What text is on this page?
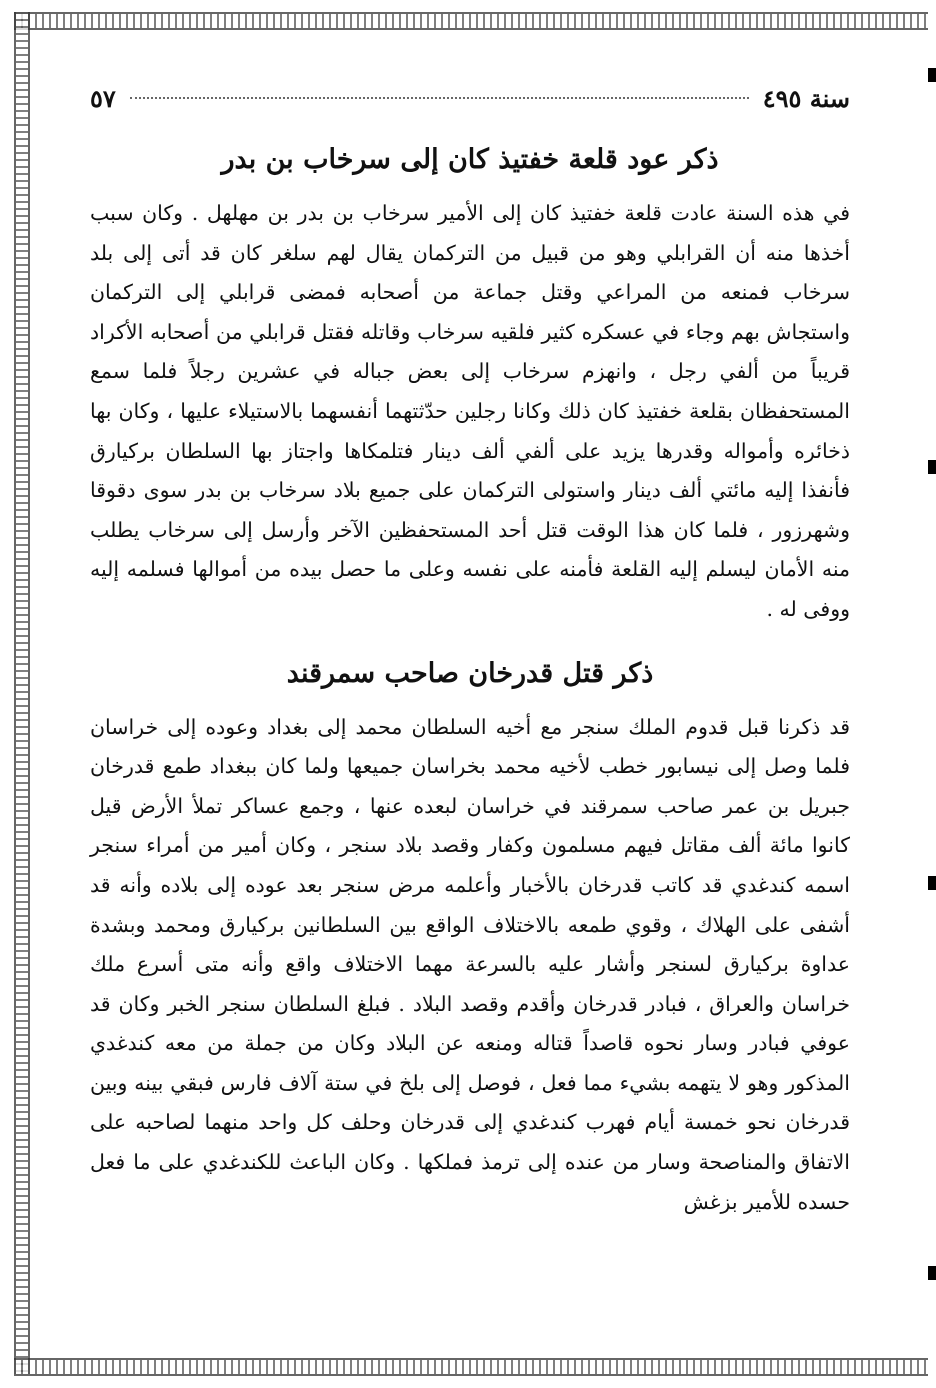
سنة ٤٩٥
٥٧
ذكر عود قلعة خفتيذ كان إلى سرخاب بن بدر

في هذه السنة عادت قلعة خفتيذ كان إلى الأمير سرخاب بن بدر بن مهلهل . وكان سبب أخذها منه أن القرابلي وهو من قبيل من التركمان يقال لهم سلغر كان قد أتى إلى بلد سرخاب فمنعه من المراعي وقتل جماعة من أصحابه فمضى قرابلي إلى التركمان واستجاش بهم وجاء في عسكره كثير فلقيه سرخاب وقاتله فقتل قرابلي من أصحابه الأكراد قريباً من ألفي رجل ، وانهزم سرخاب إلى بعض جباله في عشرين رجلاً فلما سمع المستحفظان بقلعة خفتيذ كان ذلك وكانا رجلين حدّثتهما أنفسهما بالاستيلاء عليها ، وكان بها ذخائره وأمواله وقدرها يزيد على ألفي ألف دينار فتلمكاها واجتاز بها السلطان بركيارق فأنفذا إليه مائتي ألف دينار واستولى التركمان على جميع بلاد سرخاب بن بدر سوى دقوقا وشهرزور ، فلما كان هذا الوقت قتل أحد المستحفظين الآخر وأرسل إلى سرخاب يطلب منه الأمان ليسلم إليه القلعة فأمنه على نفسه وعلى ما حصل بيده من أموالها فسلمه إليه ووفى له .

ذكر قتل قدرخان صاحب سمرقند

قد ذكرنا قبل قدوم الملك سنجر مع أخيه السلطان محمد إلى بغداد وعوده إلى خراسان فلما وصل إلى نيسابور خطب لأخيه محمد بخراسان جميعها ولما كان ببغداد طمع قدرخان جبريل بن عمر صاحب سمرقند في خراسان لبعده عنها ، وجمع عساكر تملأ الأرض قيل كانوا مائة ألف مقاتل فيهم مسلمون وكفار وقصد بلاد سنجر ، وكان أمير من أمراء سنجر اسمه كندغدي قد كاتب قدرخان بالأخبار وأعلمه مرض سنجر بعد عوده إلى بلاده وأنه قد أشفى على الهلاك ، وقوي طمعه بالاختلاف الواقع بين السلطانين بركيارق ومحمد وبشدة عداوة بركيارق لسنجر وأشار عليه بالسرعة مهما الاختلاف واقع وأنه متى أسرع ملك خراسان والعراق ، فبادر قدرخان وأقدم وقصد البلاد . فبلغ السلطان سنجر الخبر وكان قد عوفي فبادر وسار نحوه قاصداً قتاله ومنعه عن البلاد وكان من جملة من معه كندغدي المذكور وهو لا يتهمه بشيء مما فعل ، فوصل إلى بلخ في ستة آلاف فارس فبقي بينه وبين قدرخان نحو خمسة أيام فهرب كندغدي إلى قدرخان وحلف كل واحد منهما لصاحبه على الاتفاق والمناصحة وسار من عنده إلى ترمذ فملكها . وكان الباعث للكندغدي على ما فعل حسده للأمير بزغش
